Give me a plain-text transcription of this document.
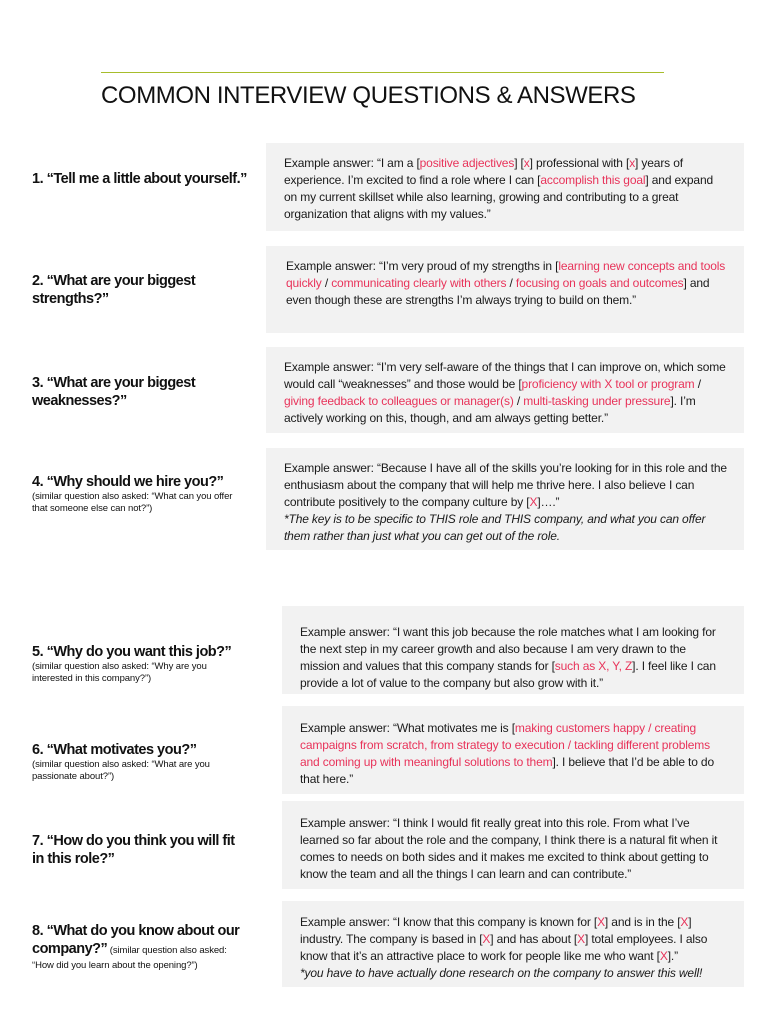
COMMON INTERVIEW QUESTIONS & ANSWERS
1. “Tell me a little about yourself.”
Example answer: “I am a [positive adjectives] [x] professional with [x] years of experience. I’m excited to find a role where I can [accomplish this goal] and expand on my current skillset while also learning, growing and contributing to a great organization that aligns with my values.”
2. “What are your biggest strengths?”
Example answer: “I’m very proud of my strengths in [learning new concepts and tools quickly / communicating clearly with others / focusing on goals and outcomes] and even though these are strengths I’m always trying to build on them.”
3. “What are your biggest weaknesses?”
Example answer: “I’m very self-aware of the things that I can improve on, which some would call “weaknesses” and those would be [proficiency with X tool or program / giving feedback to colleagues or manager(s) / multi-tasking under pressure]. I’m actively working on this, though, and am always getting better.”
4. “Why should we hire you?”
(similar question also asked: “What can you offer that someone else can not?”)
Example answer: “Because I have all of the skills you’re looking for in this role and the enthusiasm about the company that will help me thrive here. I also believe I can contribute positively to the company culture by [X]….”
*The key is to be specific to THIS role and THIS company, and what you can offer them rather than just what you can get out of the role.
5. “Why do you want this job?”
(similar question also asked: “Why are you interested in this company?”)
Example answer: “I want this job because the role matches what I am looking for the next step in my career growth and also because I am very drawn to the mission and values that this company stands for [such as X, Y, Z]. I feel like I can provide a lot of value to the company but also grow with it.”
6. “What motivates you?”
(similar question also asked: “What are you passionate about?”)
Example answer: “What motivates me is [making customers happy / creating campaigns from scratch, from strategy to execution / tackling different problems and coming up with meaningful solutions to them]. I believe that I’d be able to do that here.”
7. “How do you think you will fit in this role?”
Example answer: “I think I would fit really great into this role. From what I’ve learned so far about the role and the company, I think there is a natural fit when it comes to needs on both sides and it makes me excited to think about getting to know the team and all the things I can learn and can contribute.”
8. “What do you know about our company?” (similar question also asked:
“How did you learn about the opening?”)
Example answer: “I know that this company is known for [X] and is in the [X] industry. The company is based in [X] and has about [X] total employees. I also know that it’s an attractive place to work for people like me who want [X].”
*you have to have actually done research on the company to answer this well!
